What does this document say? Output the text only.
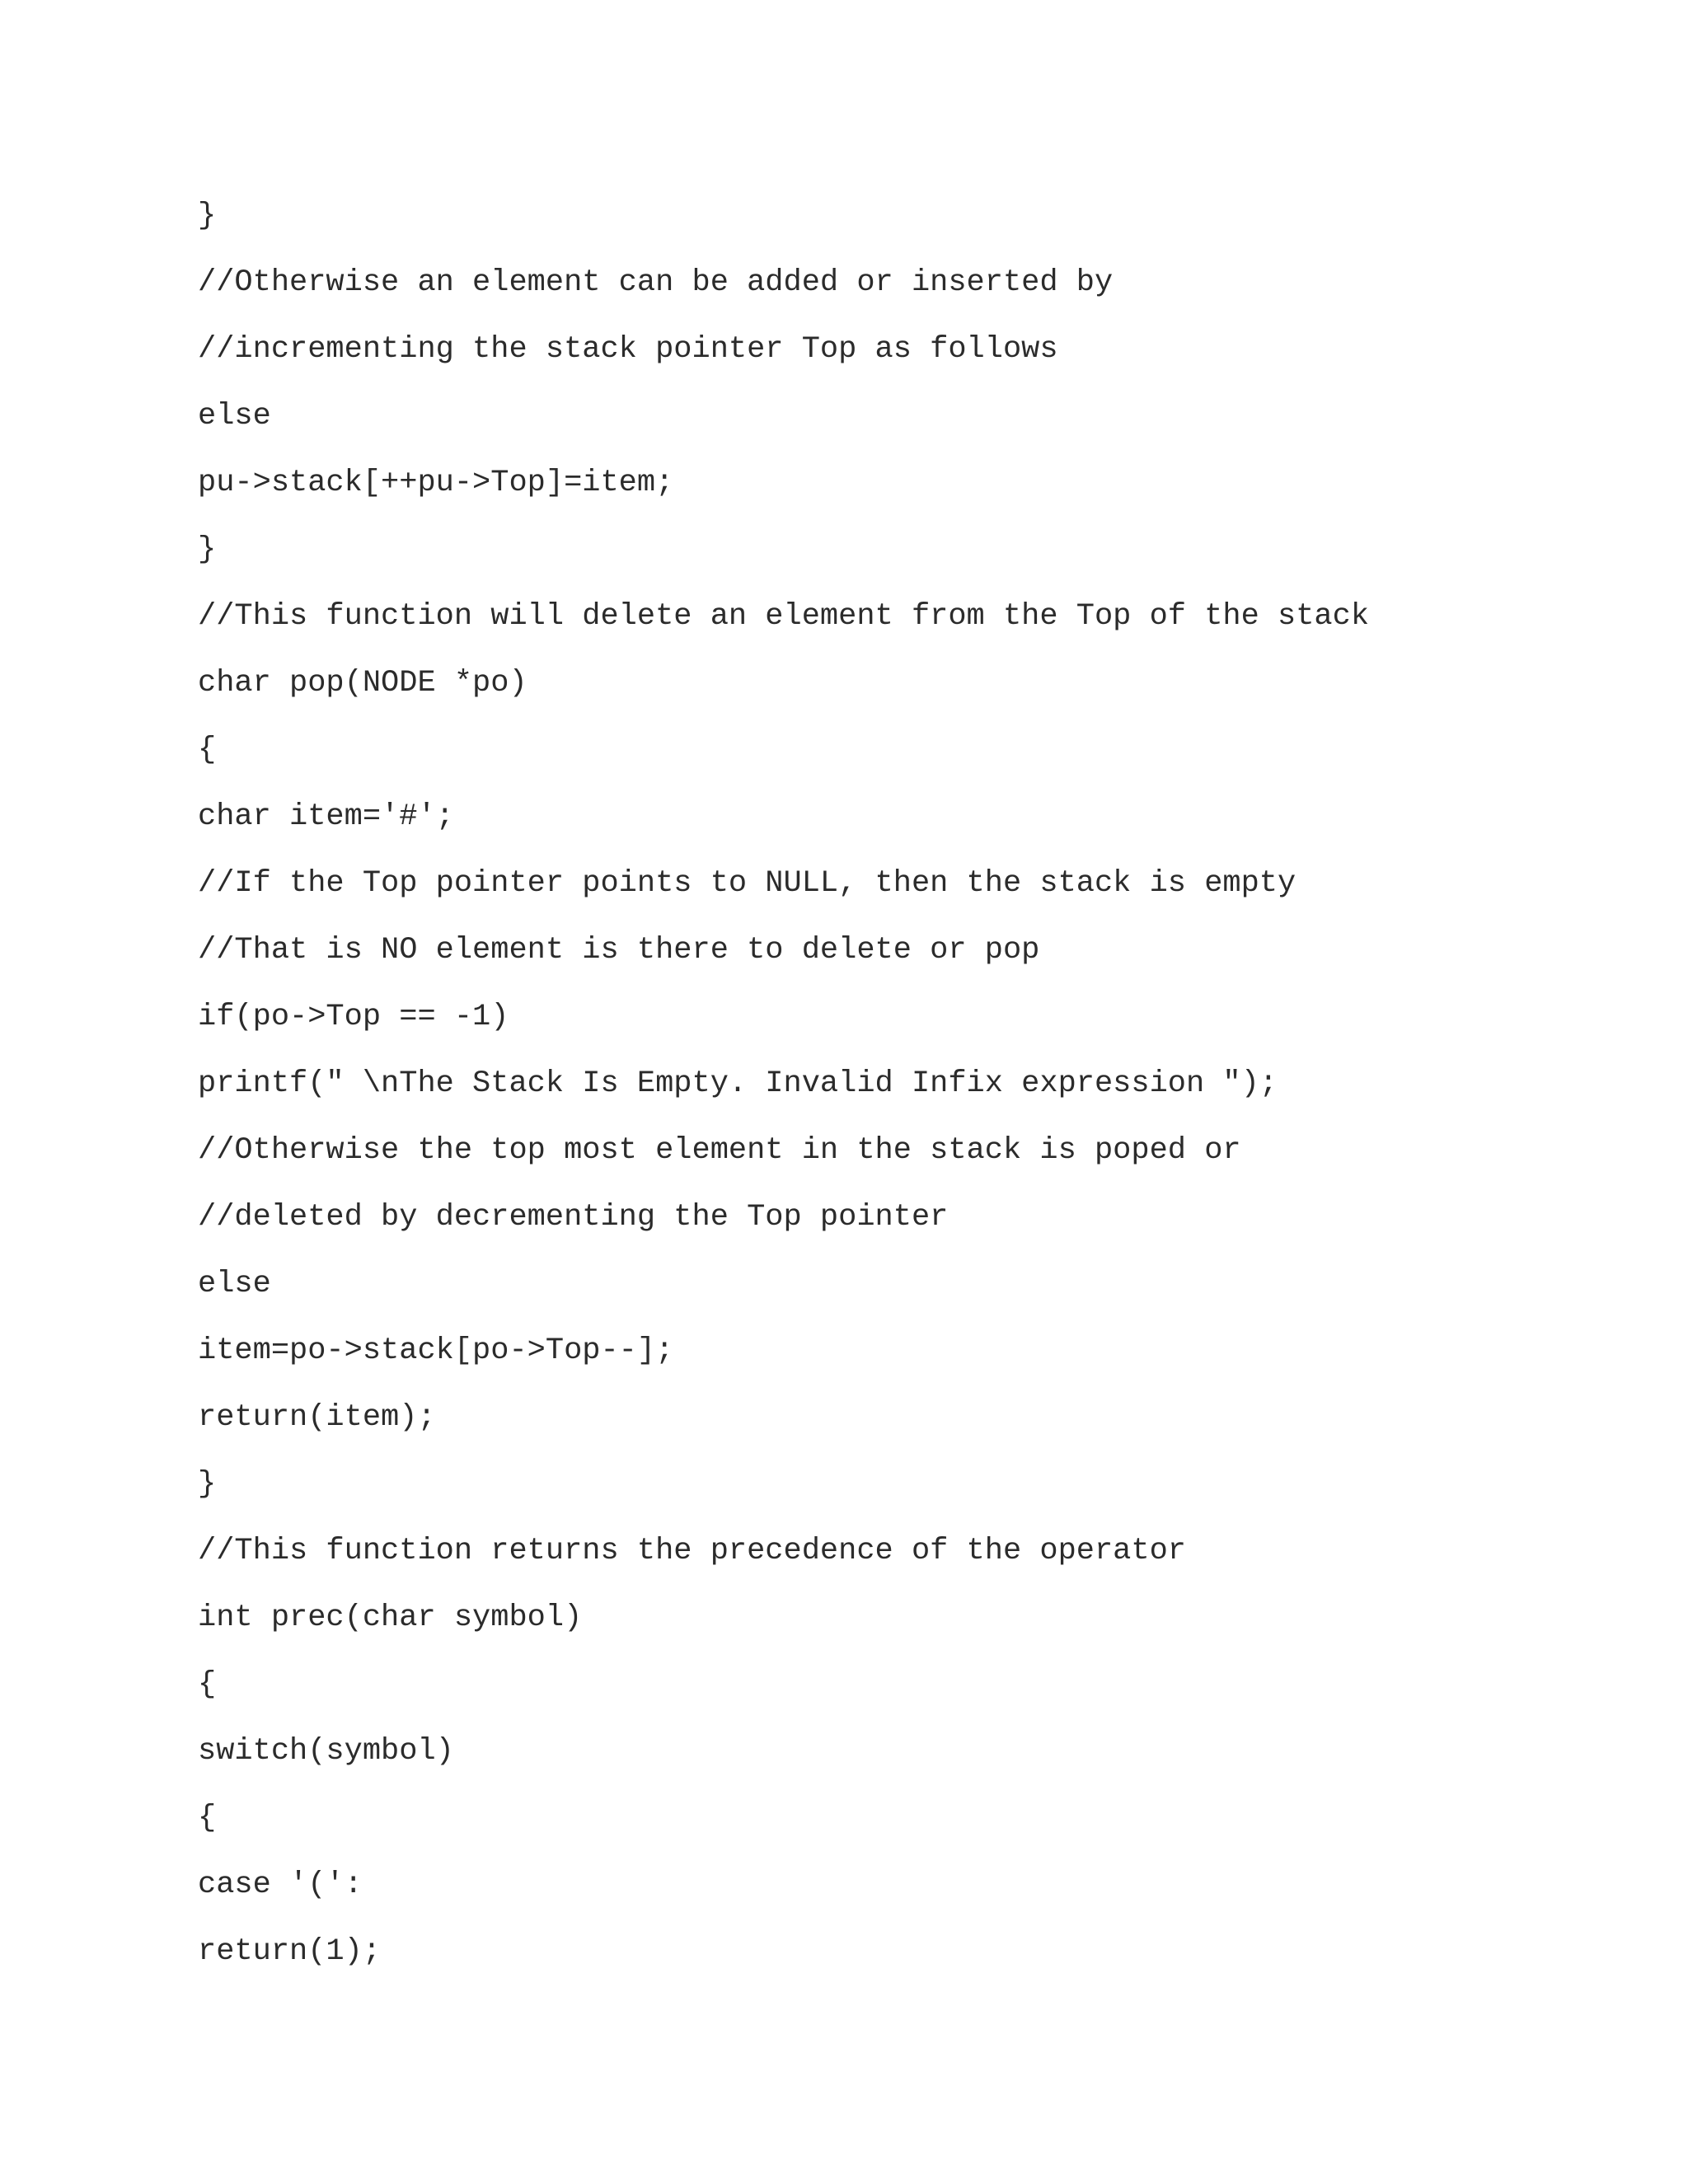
}
//Otherwise an element can be added or inserted by
//incrementing the stack pointer Top as follows
else
pu->stack[++pu->Top]=item;
}
//This function will delete an element from the Top of the stack
char pop(NODE *po)
{
char item='#';
//If the Top pointer points to NULL, then the stack is empty
//That is NO element is there to delete or pop
if(po->Top == -1)
printf(" \nThe Stack Is Empty. Invalid Infix expression ");
//Otherwise the top most element in the stack is poped or
//deleted by decrementing the Top pointer
else
item=po->stack[po->Top--];
return(item);
}
//This function returns the precedence of the operator
int prec(char symbol)
{
switch(symbol)
{
case '(':
return(1);
